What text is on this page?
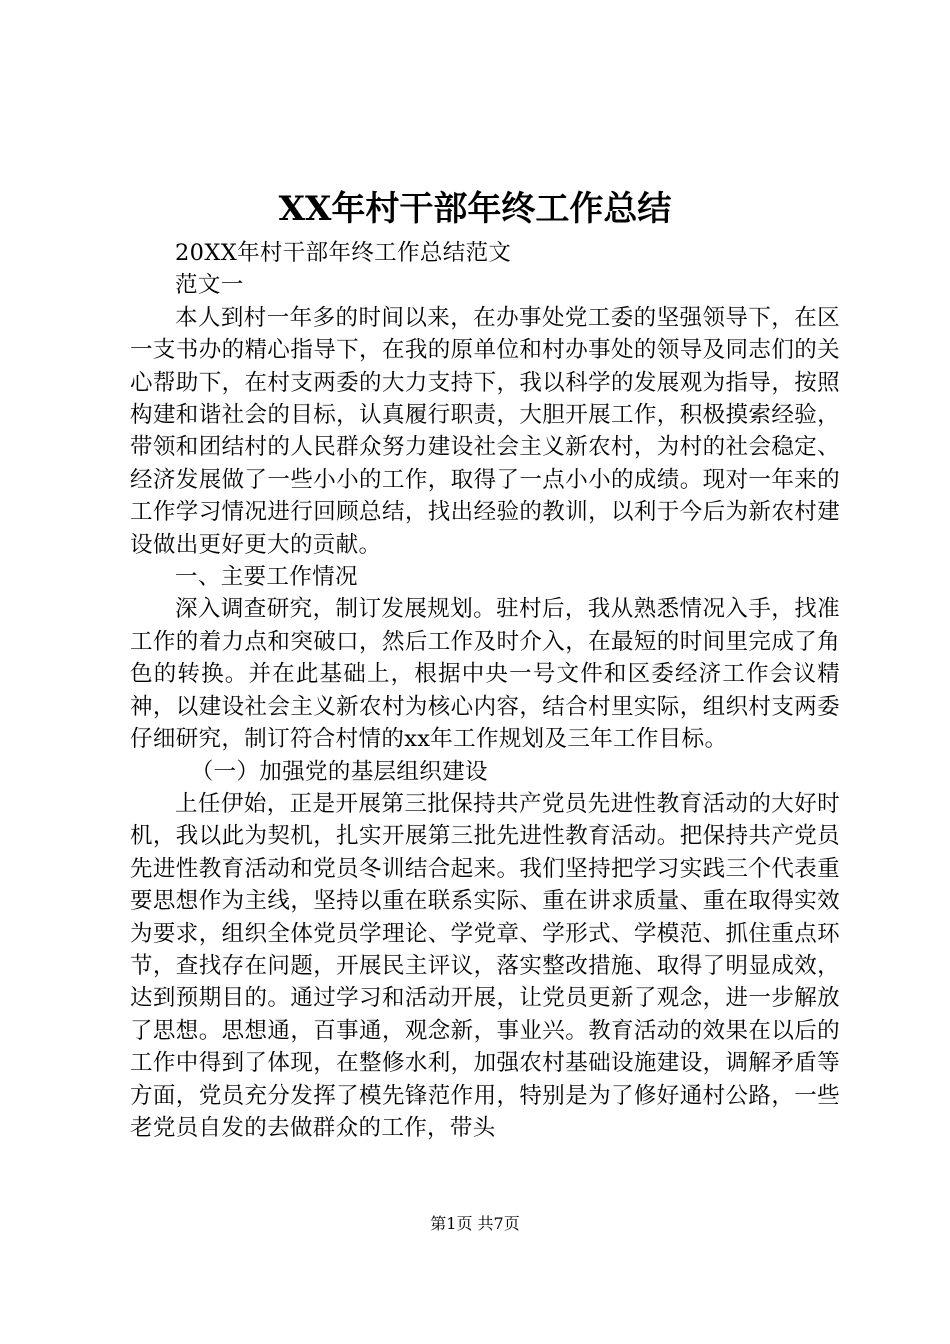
XX年村干部年终工作总结

20XX年村干部年终工作总结范文

范文一

本人到村一年多的时间以来，在办事处党工委的坚强领导下，在区一支书办的精心指导下，在我的原单位和村办事处的领导及同志们的关心帮助下，在村支两委的大力支持下，我以科学的发展观为指导，按照构建和谐社会的目标，认真履行职责，大胆开展工作，积极摸索经验，带领和团结村的人民群众努力建设社会主义新农村，为村的社会稳定、经济发展做了一些小小的工作，取得了一点小小的成绩。现对一年来的工作学习情况进行回顾总结，找出经验的教训，以利于今后为新农村建设做出更好更大的贡献。

一、主要工作情况

深入调查研究，制订发展规划。驻村后，我从熟悉情况入手，找准工作的着力点和突破口，然后工作及时介入，在最短的时间里完成了角色的转换。并在此基础上，根据中央一号文件和区委经济工作会议精神，以建设社会主义新农村为核心内容，结合村里实际，组织村支两委仔细研究，制订符合村情的xx年工作规划及三年工作目标。

（一）加强党的基层组织建设

上任伊始，正是开展第三批保持共产党员先进性教育活动的大好时机，我以此为契机，扎实开展第三批先进性教育活动。把保持共产党员先进性教育活动和党员冬训结合起来。我们坚持把学习实践三个代表重要思想作为主线，坚持以重在联系实际、重在讲求质量、重在取得实效为要求，组织全体党员学理论、学党章、学形式、学模范、抓住重点环节，查找存在问题，开展民主评议，落实整改措施、取得了明显成效，达到预期目的。通过学习和活动开展，让党员更新了观念，进一步解放了思想。思想通，百事通，观念新，事业兴。教育活动的效果在以后的工作中得到了体现，在整修水利，加强农村基础设施建设，调解矛盾等方面，党员充分发挥了模先锋范作用，特别是为了修好通村公路，一些老党员自发的去做群众的工作，带头

第1页 共7页
